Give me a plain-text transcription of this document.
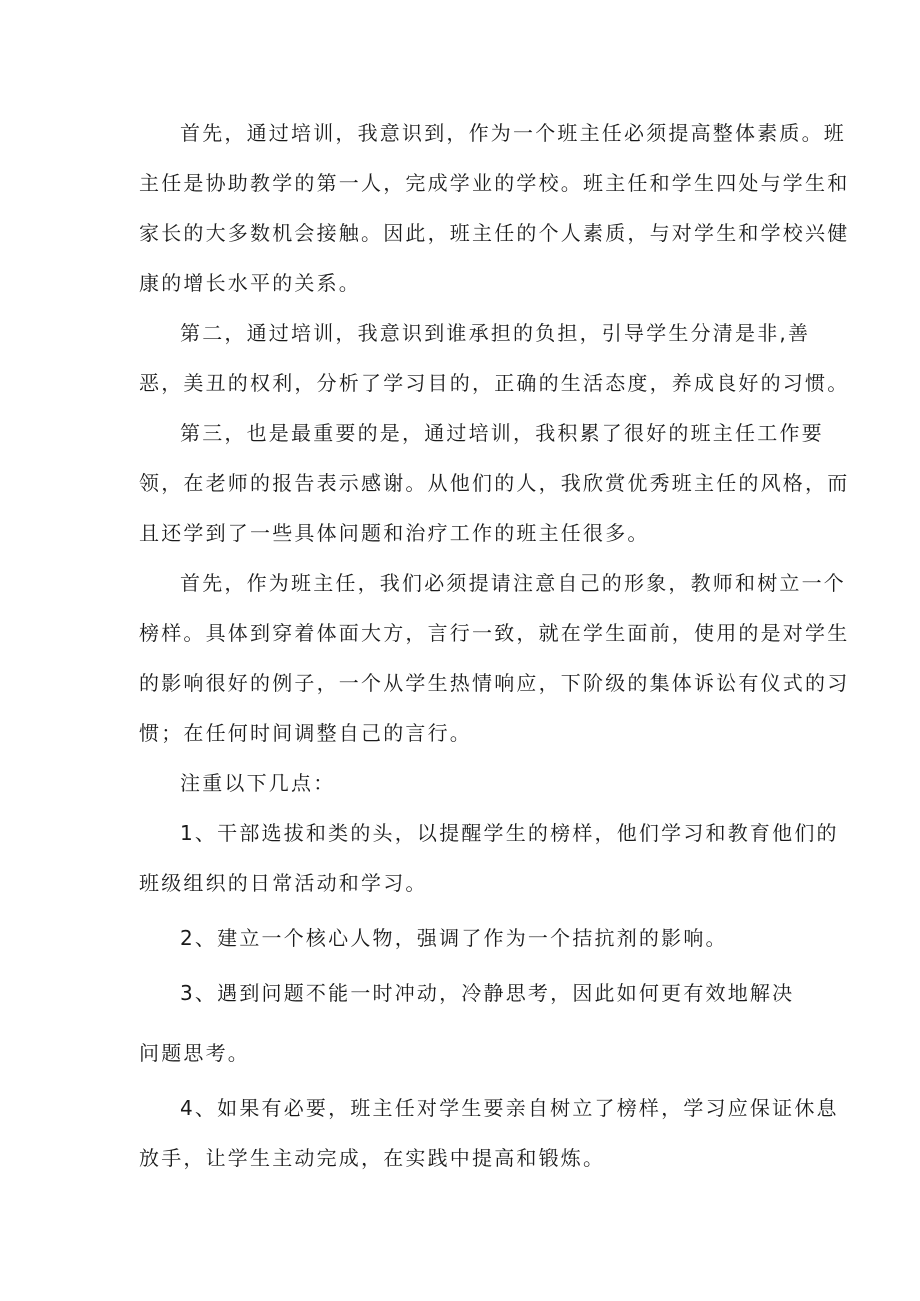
首先，通过培训，我意识到，作为一个班主任必须提高整体素质。班
主任是协助教学的第一人，完成学业的学校。班主任和学生四处与学生和
家长的大多数机会接触。因此，班主任的个人素质，与对学生和学校兴健
康的增长水平的关系。
第二，通过培训，我意识到谁承担的负担，引导学生分清是非,善
恶，美丑的权利，分析了学习目的，正确的生活态度，养成良好的习惯。
第三，也是最重要的是，通过培训，我积累了很好的班主任工作要
领，在老师的报告表示感谢。从他们的人，我欣赏优秀班主任的风格，而
且还学到了一些具体问题和治疗工作的班主任很多。
首先，作为班主任，我们必须提请注意自己的形象，教师和树立一个
榜样。具体到穿着体面大方，言行一致，就在学生面前，使用的是对学生
的影响很好的例子，一个从学生热情响应，下阶级的集体诉讼有仪式的习
惯；在任何时间调整自己的言行。
注重以下几点：
1、干部选拔和类的头，以提醒学生的榜样，他们学习和教育他们的
班级组织的日常活动和学习。
2、建立一个核心人物，强调了作为一个拮抗剂的影响。
3、遇到问题不能一时冲动，冷静思考，因此如何更有效地解决
问题思考。
4、如果有必要，班主任对学生要亲自树立了榜样，学习应保证休息
放手，让学生主动完成，在实践中提高和锻炼。
